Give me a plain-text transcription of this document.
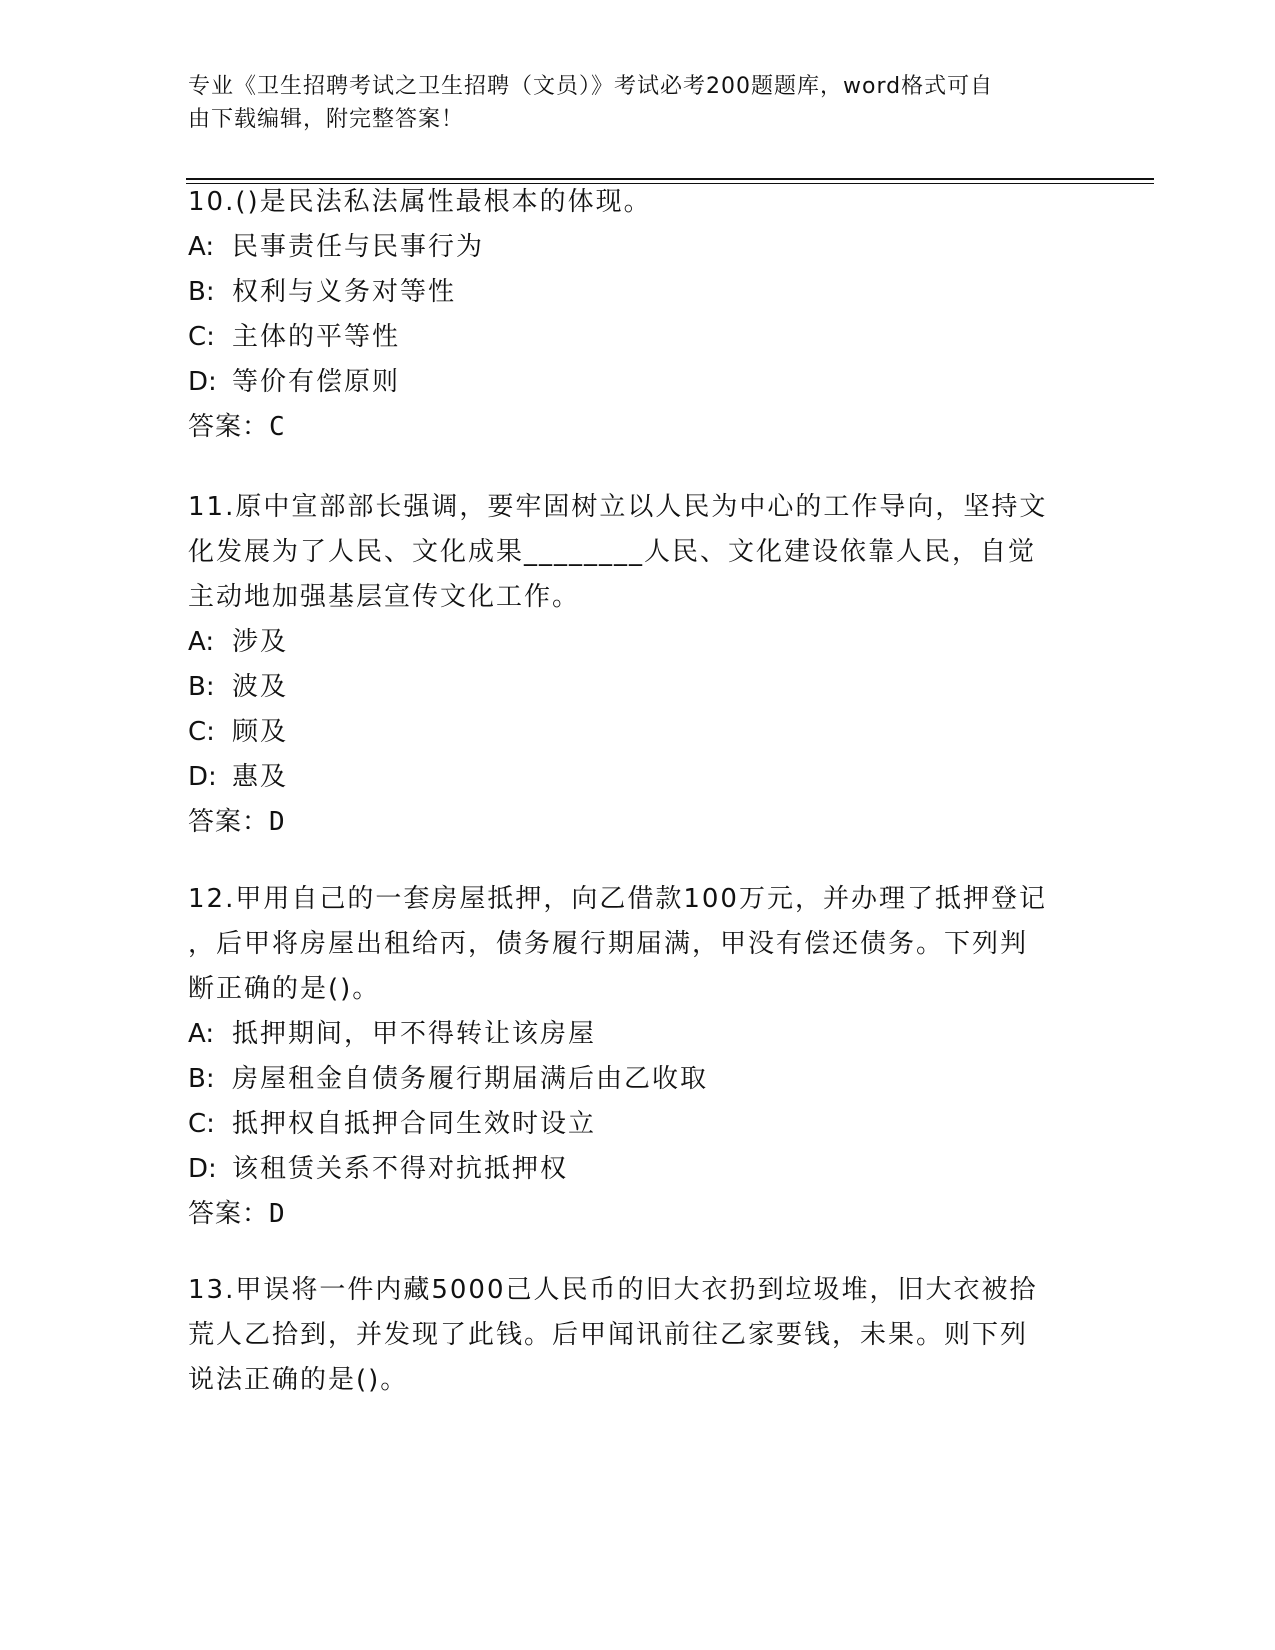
专业《卫生招聘考试之卫生招聘（文员）》考试必考200题题库，word格式可自
由下载编辑，附完整答案！
10.()是民法私法属性最根本的体现。
A: 民事责任与民事行为
B: 权利与义务对等性
C: 主体的平等性
D: 等价有偿原则
答案：C
11.原中宣部部长强调，要牢固树立以人民为中心的工作导向，坚持文
化发展为了人民、文化成果________人民、文化建设依靠人民，自觉
主动地加强基层宣传文化工作。
A: 涉及
B: 波及
C: 顾及
D: 惠及
答案：D
12.甲用自己的一套房屋抵押，向乙借款100万元，并办理了抵押登记
，后甲将房屋出租给丙，债务履行期届满，甲没有偿还债务。下列判
断正确的是()。
A: 抵押期间，甲不得转让该房屋
B: 房屋租金自债务履行期届满后由乙收取
C: 抵押权自抵押合同生效时设立
D: 该租赁关系不得对抗抵押权
答案：D
13.甲误将一件内藏5000己人民币的旧大衣扔到垃圾堆，旧大衣被拾
荒人乙拾到，并发现了此钱。后甲闻讯前往乙家要钱，未果。则下列
说法正确的是()。
